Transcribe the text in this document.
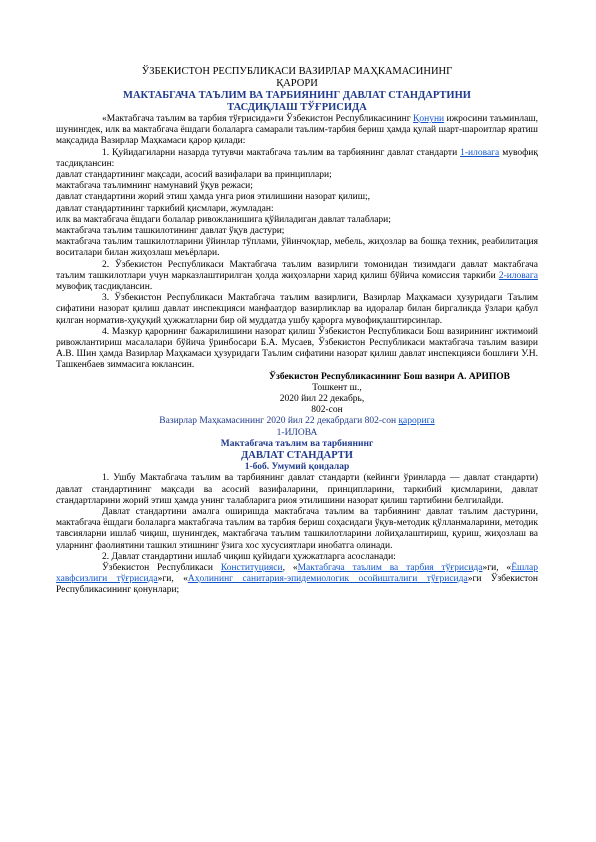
ЎЗБЕКИСТОН РЕСПУБЛИКАСИ ВАЗИРЛАР МАҲКАМАСИНИНГ

ҚАРОРИ

МАКТАБГАЧА ТАЪЛИМ ВА ТАРБИЯНИНГ ДАВЛАТ СТАНДАРТИНИ

ТАСДИҚЛАШ ТЎҒРИСИДА

«Мактабгача таълим ва тарбия тўғрисида»ги Ўзбекистон Республикасининг Қонуни ижросини таъминлаш, шунингдек, илк ва мактабгача ёшдаги болаларга самарали таълим-тарбия бериш ҳамда қулай шарт-шароитлар яратиш мақсадида Вазирлар Маҳкамаси қарор қилади:

1. Қуйидагиларни назарда тутувчи мактабгача таълим ва тарбиянинг давлат стандарти 1-иловага мувофиқ тасдиқлансин:

давлат стандартининг мақсади, асосий вазифалари ва принциплари;

мактабгача таълимнинг намунавий ўқув режаси;

давлат стандартини жорий этиш ҳамда унга риоя этилишини назорат қилиш;,

давлат стандартининг таркибий қисмлари, жумладан:

илк ва мактабгача ёшдаги болалар ривожланишига қўйиладиган давлат талаблари;

мактабгача таълим ташкилотининг давлат ўқув дастури;

мактабгача таълим ташкилотларини ўйинлар тўплами, ўйинчоқлар, мебель, жиҳозлар ва бошқа техник, реабилитация воситалари билан жиҳозлаш меъёрлари.

2. Ўзбекистон Республикаси Мактабгача таълим вазирлиги томонидан тизимдаги давлат мактабгача таълим ташкилотлари учун марказлаштирилган ҳолда жиҳозларни харид қилиш бўйича комиссия таркиби 2-иловага мувофиқ тасдиқлансин.

3. Ўзбекистон Республикаси Мактабгача таълим вазирлиги, Вазирлар Маҳкамаси ҳузуридаги Таълим сифатини назорат қилиш давлат инспекцияси манфаатдор вазирликлар ва идоралар билан биргаликда ўзлари қабул қилган норматив-ҳуқуқий ҳужжатларни бир ой муддатда ушбу қарорга мувофиқлаштирсинлар.

4. Мазкур қарорнинг бажарилишини назорат қилиш Ўзбекистон Республикаси Бош вазирининг ижтимоий ривожлантириш масалалари бўйича ўринбосари Б.А. Мусаев, Ўзбекистон Республикаси мактабгача таълим вазири А.В. Шин ҳамда Вазирлар Маҳкамаси ҳузуридаги Таълим сифатини назорат қилиш давлат инспекцияси бошлиғи У.Н. Ташкенбаев зиммасига юклансин.

Ўзбекистон Республикасининг Бош вазири А. АРИПОВ

Тошкент ш.,

2020 йил 22 декабрь,

802-сон

Вазирлар Маҳкамасининг 2020 йил 22 декабрдаги 802-сон қарорига

1-ИЛОВА

Мактабгача таълим ва тарбиянинг

ДАВЛАТ СТАНДАРТИ

1-боб. Умумий қоидалар

1. Ушбу Мактабгача таълим ва тарбиянинг давлат стандарти (кейинги ўринларда — давлат стандарти) давлат стандартининг мақсади ва асосий вазифаларини, принципларини, таркибий қисмларини, давлат стандартларини жорий этиш ҳамда унинг талабларига риоя этилишини назорат қилиш тартибини белгилайди.

Давлат стандартини амалга оширишда мактабгача таълим ва тарбиянинг давлат таълим дастурини, мактабгача ёшдаги болаларга мактабгача таълим ва тарбия бериш соҳасидаги ўқув-методик қўлланмаларини, методик тавсияларни ишлаб чиқиш, шунингдек, мактабгача таълим ташкилотларини лойиҳалаштириш, қуриш, жиҳозлаш ва уларнинг фаолиятини ташкил этишнинг ўзига хос хусусиятлари инобатга олинади.

2. Давлат стандартини ишлаб чиқиш қуйидаги ҳужжатларга асосланади:

Ўзбекистон Республикаси Конституцияси, «Мактабгача таълим ва тарбия тўғрисида»ги, «Ёшлар хавфсизлиги тўғрисида»ги, «Аҳолининг санитария-эпидемиологик осойишталиги тўғрисида»ги Ўзбекистон Республикасининг қонунлари;
